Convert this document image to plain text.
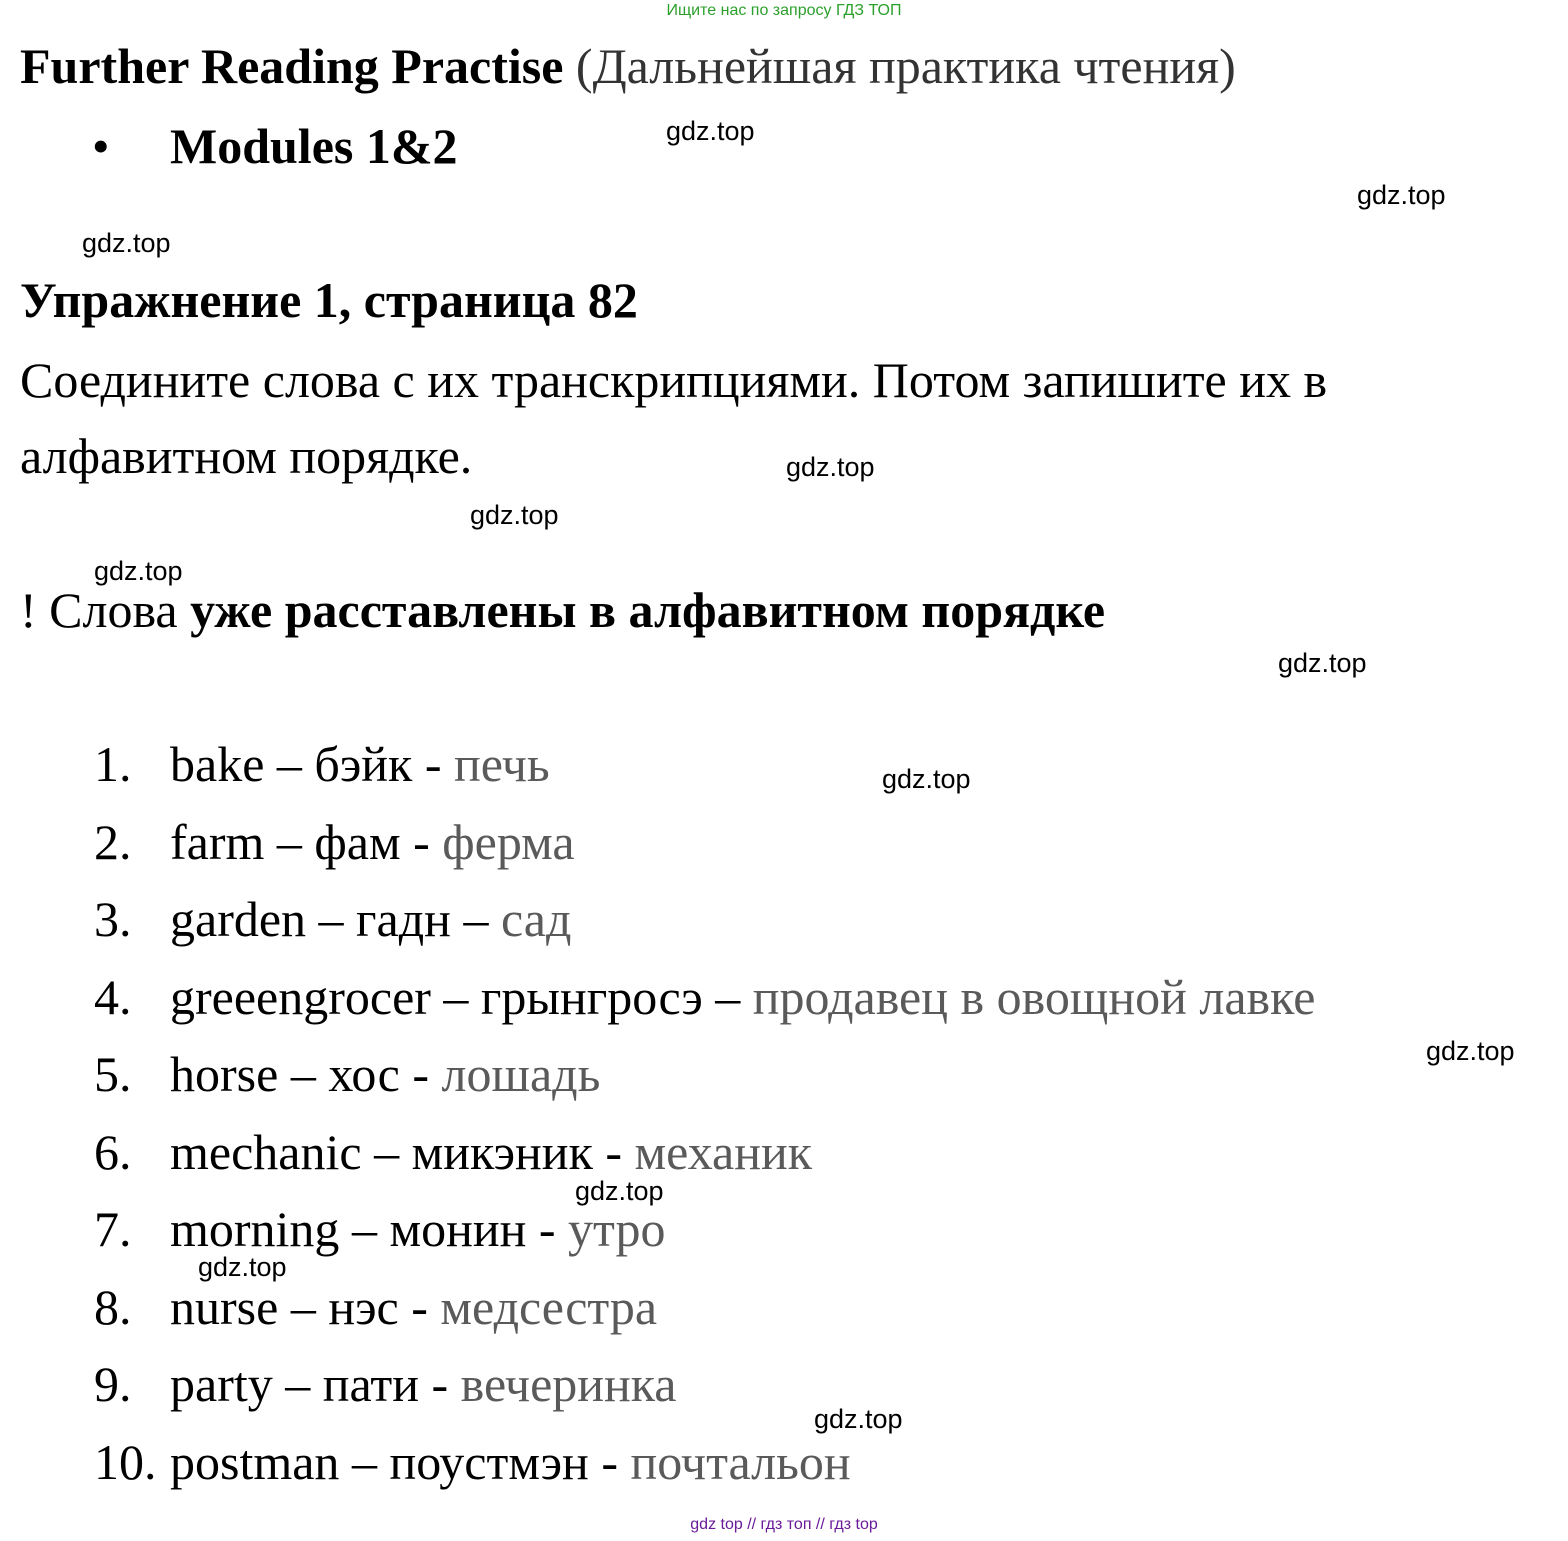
Ищите нас по запросу ГДЗ ТОП
Further Reading Practise (Дальнейшая практика чтения)
• Modules 1&2	gdz.top
gdz.top
gdz.top
Упражнение 1, страница 82
Соедините слова с их транскрипциями. Потом запишите их в
алфавитном порядке.	gdz.top
gdz.top
gdz.top
! Слова уже расставлены в алфавитном порядке
gdz.top
1. bake – бэйк - печь
2. farm – фам - ферма
3. garden – гадн – сад
4. greeengrocer – грынгросэ – продавец в овощной лавке
5. horse – хос - лошадь
6. mechanic – микэник - механик
7. morning – монин - утро
8. nurse – нэс - медсестра
9. party – пати - вечеринка
10. postman – поустмэн - почтальон
gdz.top
gdz.top
gdz.top
gdz.top
gdz.top
gdz top // гдз топ // гдз top
